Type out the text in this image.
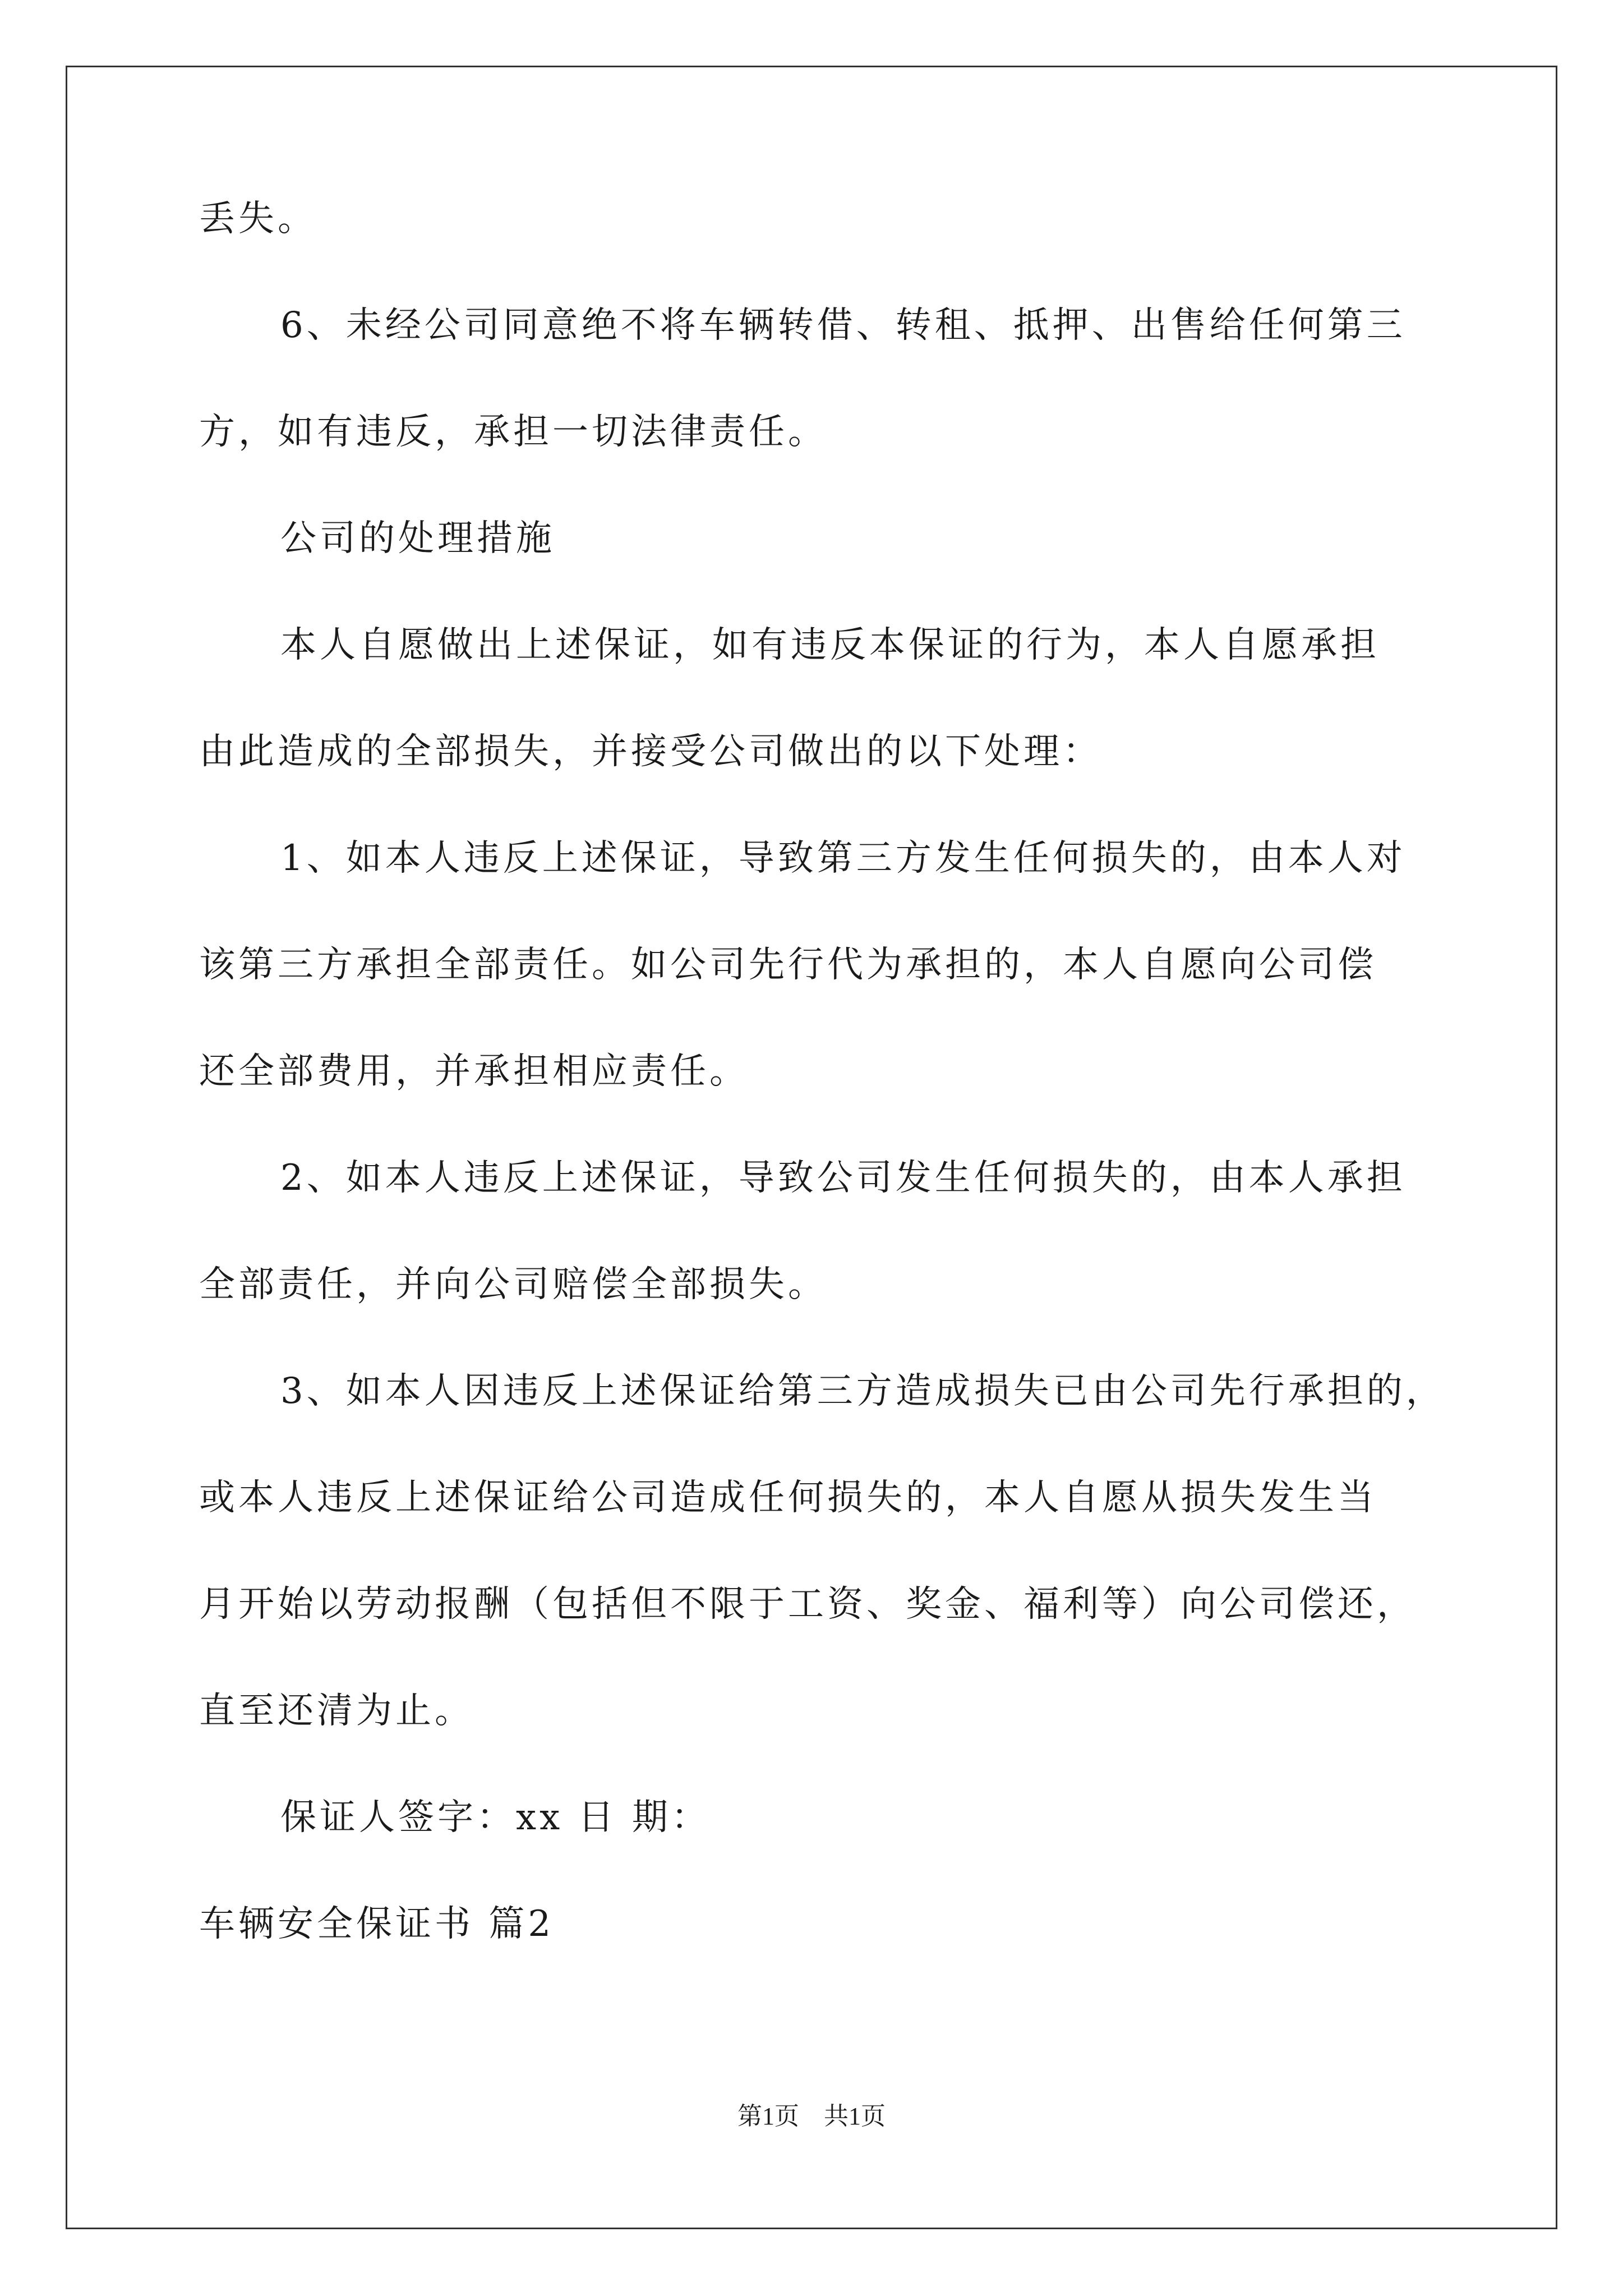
丢失。
6、未经公司同意绝不将车辆转借、转租、抵押、出售给任何第三
方，如有违反，承担一切法律责任。
公司的处理措施
本人自愿做出上述保证，如有违反本保证的行为，本人自愿承担
由此造成的全部损失，并接受公司做出的以下处理：
1、如本人违反上述保证，导致第三方发生任何损失的，由本人对
该第三方承担全部责任。如公司先行代为承担的，本人自愿向公司偿
还全部费用，并承担相应责任。
2、如本人违反上述保证，导致公司发生任何损失的，由本人承担
全部责任，并向公司赔偿全部损失。
3、如本人因违反上述保证给第三方造成损失已由公司先行承担的，
或本人违反上述保证给公司造成任何损失的，本人自愿从损失发生当
月开始以劳动报酬（包括但不限于工资、奖金、福利等）向公司偿还，
直至还清为止。
保证人签字：xx 日 期：
车辆安全保证书 篇2
第1页　共1页
